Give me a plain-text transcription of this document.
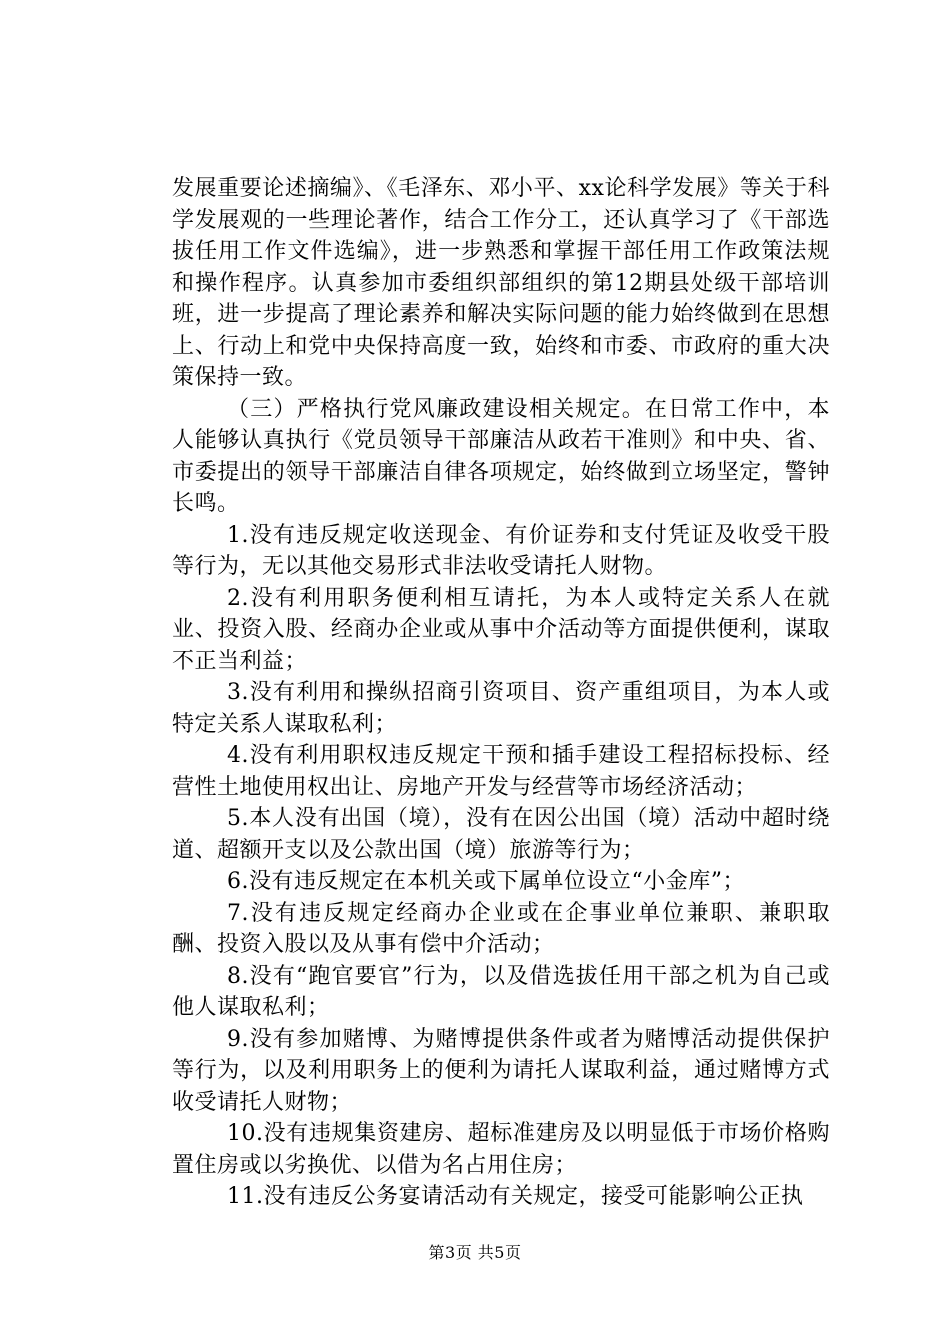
发展重要论述摘编》、《毛泽东、邓小平、xx论科学发展》等关于科学发展观的一些理论著作，结合工作分工，还认真学习了《干部选拔任用工作文件选编》，进一步熟悉和掌握干部任用工作政策法规和操作程序。认真参加市委组织部组织的第12期县处级干部培训班，进一步提高了理论素养和解决实际问题的能力始终做到在思想上、行动上和党中央保持高度一致，始终和市委、市政府的重大决策保持一致。

（三）严格执行党风廉政建设相关规定。在日常工作中，本人能够认真执行《党员领导干部廉洁从政若干准则》和中央、省、市委提出的领导干部廉洁自律各项规定，始终做到立场坚定，警钟长鸣。

1.没有违反规定收送现金、有价证券和支付凭证及收受干股等行为，无以其他交易形式非法收受请托人财物。

2.没有利用职务便利相互请托，为本人或特定关系人在就业、投资入股、经商办企业或从事中介活动等方面提供便利，谋取不正当利益；

3.没有利用和操纵招商引资项目、资产重组项目，为本人或特定关系人谋取私利；

4.没有利用职权违反规定干预和插手建设工程招标投标、经营性土地使用权出让、房地产开发与经营等市场经济活动；

5.本人没有出国（境），没有在因公出国（境）活动中超时绕道、超额开支以及公款出国（境）旅游等行为；

6.没有违反规定在本机关或下属单位设立“小金库”；

7.没有违反规定经商办企业或在企事业单位兼职、兼职取酬、投资入股以及从事有偿中介活动；

8.没有“跑官要官”行为，以及借选拔任用干部之机为自己或他人谋取私利；

9.没有参加赌博、为赌博提供条件或者为赌博活动提供保护等行为，以及利用职务上的便利为请托人谋取利益，通过赌博方式收受请托人财物；

10.没有违规集资建房、超标准建房及以明显低于市场价格购置住房或以劣换优、以借为名占用住房；

11.没有违反公务宴请活动有关规定，接受可能影响公正执

第3页 共5页
